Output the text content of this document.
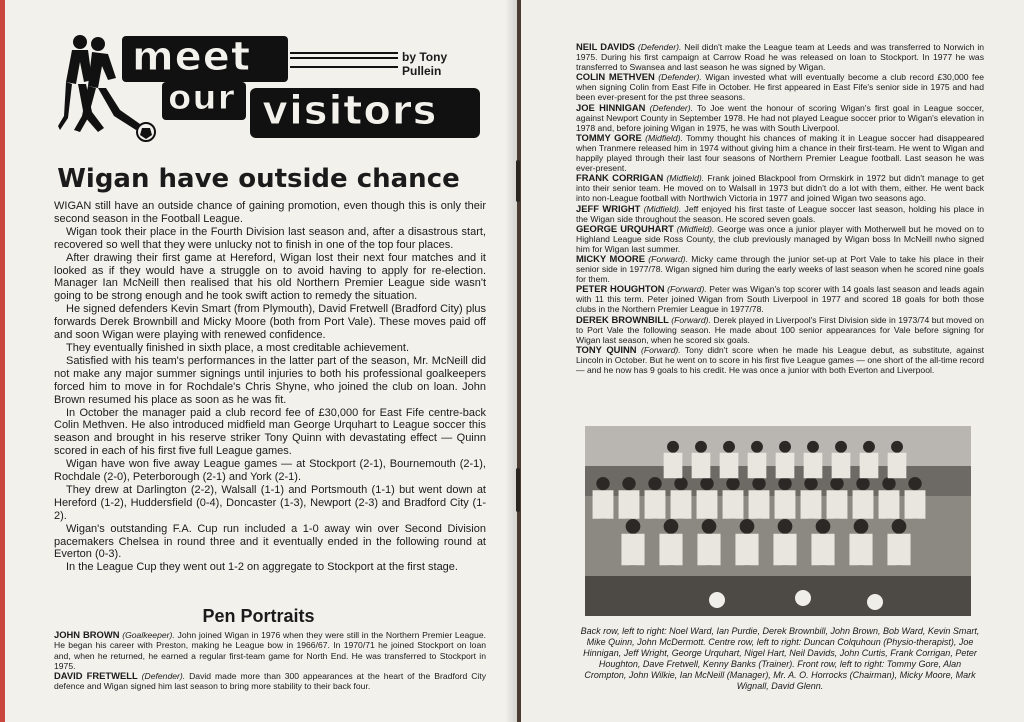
meet
our visitors
by Tony Pullein
Wigan have outside chance

WIGAN still have an outside chance of gaining promotion, even though this is only their second season in the Football League.

Wigan took their place in the Fourth Division last season and, after a disastrous start, recovered so well that they were unlucky not to finish in one of the top four places.

After drawing their first game at Hereford, Wigan lost their next four matches and it looked as if they would have a struggle on to avoid having to apply for re-election. Manager Ian McNeill then realised that his old Northern Premier League side wasn't going to be strong enough and he took swift action to remedy the situation.

He signed defenders Kevin Smart (from Plymouth), David Fretwell (Bradford City) plus forwards Derek Brownbill and Micky Moore (both from Port Vale). These moves paid off and soon Wigan were playing with renewed confidence.

They eventually finished in sixth place, a most creditable achievement.

Satisfied with his team's performances in the latter part of the season, Mr. McNeill did not make any major summer signings until injuries to both his professional goalkeepers forced him to move in for Rochdale's Chris Shyne, who joined the club on loan. John Brown resumed his place as soon as he was fit.

In October the manager paid a club record fee of £30,000 for East Fife centre-back Colin Methven. He also introduced midfield man George Urquhart to League soccer this season and brought in his reserve striker Tony Quinn with devastating effect — Quinn scored in each of his first five full League games.

Wigan have won five away League games — at Stockport (2-1), Bournemouth (2-1), Rochdale (2-0), Peterborough (2-1) and York (2-1).

They drew at Darlington (2-2), Walsall (1-1) and Portsmouth (1-1) but went down at Hereford (1-2), Huddersfield (0-4), Doncaster (1-3), Newport (2-3) and Bradford City (1-2).

Wigan's outstanding F.A. Cup run included a 1-0 away win over Second Division pacemakers Chelsea in round three and it eventually ended in the following round at Everton (0-3).

In the League Cup they went out 1-2 on aggregate to Stockport at the first stage.

Pen Portraits

JOHN BROWN (Goalkeeper). John joined Wigan in 1976 when they were still in the Northern Premier League. He began his career with Preston, making he League bow in 1966/67. In 1970/71 he joined Stockport on loan and, when he returned, he earned a regular first-team game for North End. He was transferred to Stockport in 1975.

DAVID FRETWELL (Defender). David made more than 300 appearances at the heart of the Bradford City defence and Wigan signed him last season to bring more stability to their back four.

NEIL DAVIDS (Defender). Neil didn't make the League team at Leeds and was transferred to Norwich in 1975. During his first campaign at Carrow Road he was released on loan to Stockport. In 1977 he was transferred to Swansea and last season he was signed by Wigan.

COLIN METHVEN (Defender). Wigan invested what will eventually become a club record £30,000 fee when signing Colin from East Fife in October. He first appeared in East Fife's senior side in 1975 and had been ever-present for the pst three seasons.

JOE HINNIGAN (Defender). To Joe went the honour of scoring Wigan's first goal in League soccer, against Newport County in September 1978. He had not played League soccer prior to Wigan's elevation in 1978 and, before joining Wigan in 1975, he was with South Liverpool.

TOMMY GORE (Midfield). Tommy thought his chances of making it in League soccer had disappeared when Tranmere released him in 1974 without giving him a chance in their first-team. He went to Wigan and happily played through their last four seasons of Northern Premier League football. Last season he was ever-present.

FRANK CORRIGAN (Midfield). Frank joined Blackpool from Ormskirk in 1972 but didn't manage to get into their senior team. He moved on to Walsall in 1973 but didn't do a lot with them, either. He went back into non-League football with Northwich Victoria in 1977 and joined Wigan two seasons ago.

JEFF WRIGHT (Midfield). Jeff enjoyed his first taste of League soccer last season, holding his place in the Wigan side throughout the season. He scored seven goals.

GEORGE URQUHART (Midfield). George was once a junior player with Motherwell but he moved on to Highland League side Ross County, the club previously managed by Wigan boss In McNeill nwho signed him for Wigan last summer.

MICKY MOORE (Forward). Micky came through the junior set-up at Port Vale to take his place in their senior side in 1977/78. Wigan signed him during the early weeks of last season when he scored nine goals for them.

PETER HOUGHTON (Forward). Peter was Wigan's top scorer with 14 goals last season and leads again with 11 this term. Peter joined Wigan from South Liverpool in 1977 and scored 18 goals for both those clubs in the Northern Premier League in 1977/78.

DEREK BROWNBILL (Forward). Derek played in Liverpool's First Division side in 1973/74 but moved on to Port Vale the following season. He made about 100 senior appearances for Vale before signing for Wigan last season, when he scored six goals.

TONY QUINN (Forward). Tony didn't score when he made his League debut, as substitute, against Lincoln in October. But he went on to score in his first five League games — one short of the all-time record — and he now has 9 goals to his credit. He was once a junior with both Everton and Liverpool.

Back row, left to right: Noel Ward, Ian Purdie, Derek Brownbill, John Brown, Bob Ward, Kevin Smart, Mike Quinn, John McDermott. Centre row, left to right: Duncan Colquhoun (Physio-therapist), Joe Hinnigan, Jeff Wright, George Urquhart, Nigel Hart, Neil Davids, John Curtis, Frank Corrigan, Peter Houghton, Dave Fretwell, Kenny Banks (Trainer). Front row, left to right: Tommy Gore, Alan Crompton, John Wilkie, Ian McNeill (Manager), Mr. A. O. Horrocks (Chairman), Micky Moore, Mark Wignall, David Glenn.
